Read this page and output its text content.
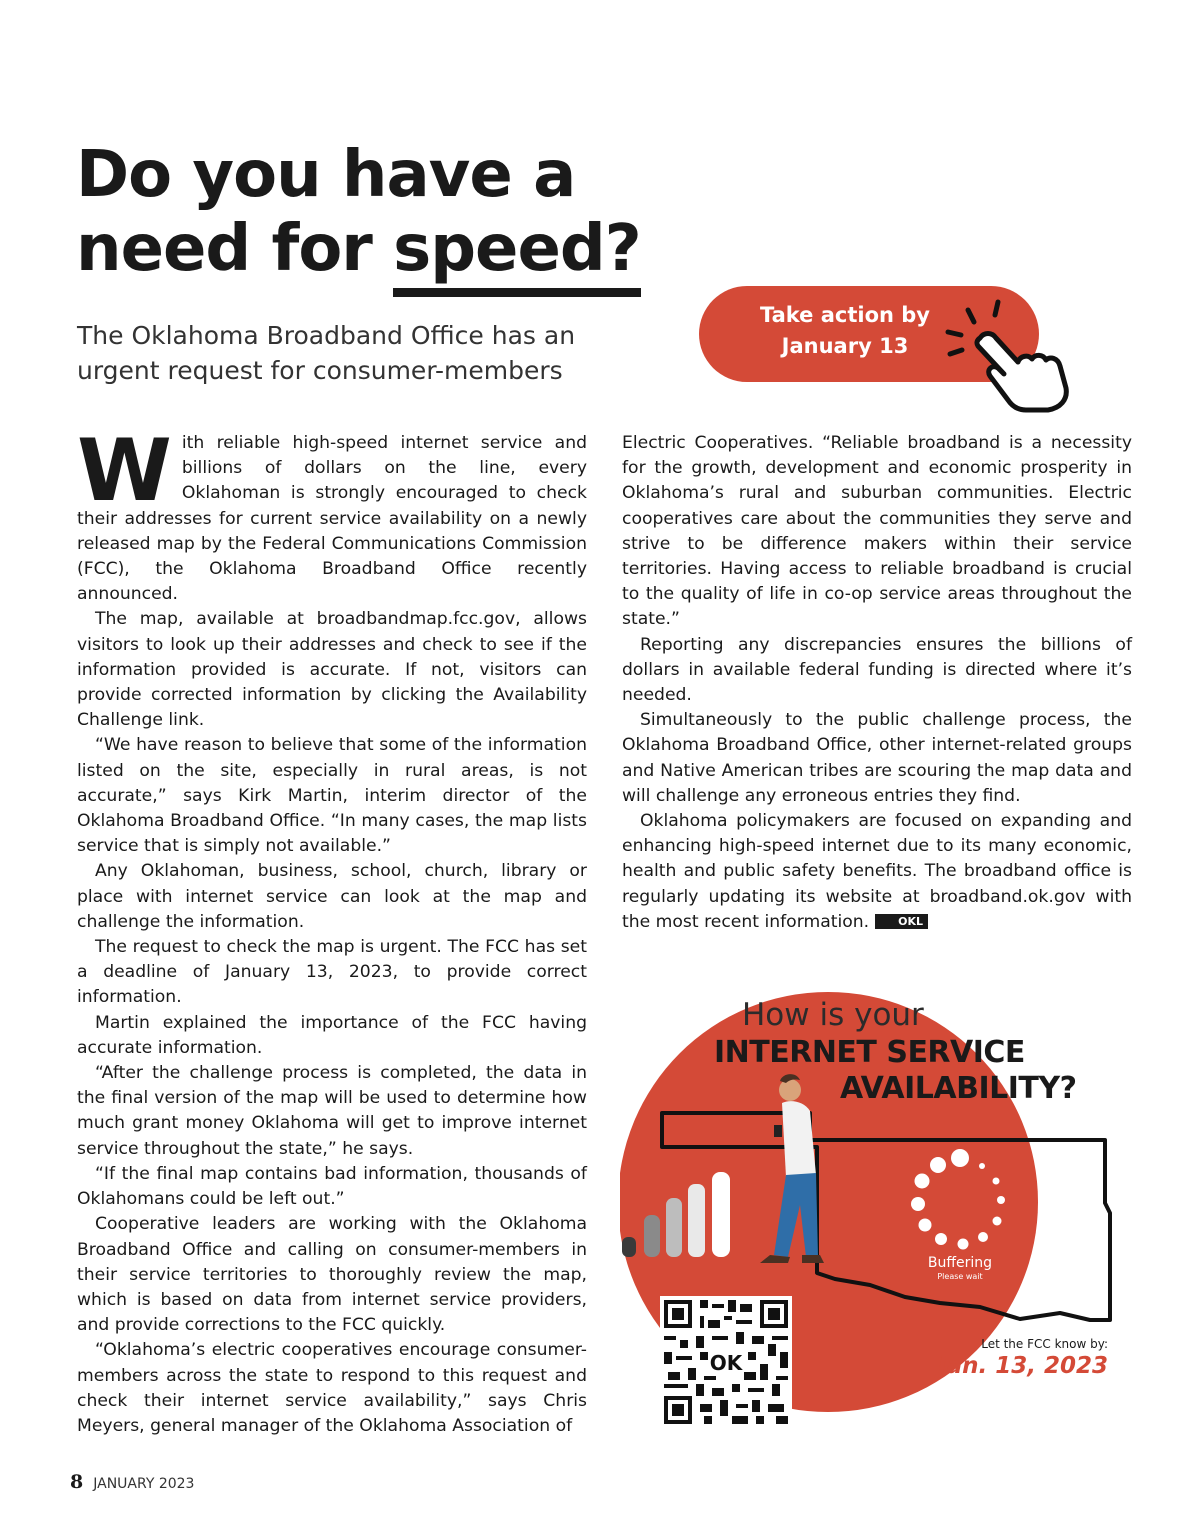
Do you have a
need for speed?
The Oklahoma Broadband Office has an
urgent request for consumer-members
Take action by
January 13

With reliable high-speed internet service and billions of dollars on the line, every Oklahoman is strongly encouraged to check their addresses for current service availability on a newly released map by the Federal Communications Commission (FCC), the Oklahoma Broadband Office recently announced.

The map, available at broadbandmap.fcc.gov, allows visitors to look up their addresses and check to see if the information provided is accurate. If not, visitors can provide corrected information by clicking the Availability Challenge link.

“We have reason to believe that some of the information listed on the site, especially in rural areas, is not accurate,” says Kirk Martin, interim director of the Oklahoma Broadband Office. “In many cases, the map lists service that is simply not available.”

Any Oklahoman, business, school, church, library or place with internet service can look at the map and challenge the information.

The request to check the map is urgent. The FCC has set a deadline of January 13, 2023, to provide correct information.

Martin explained the importance of the FCC having accurate information.

“After the challenge process is completed, the data in the final version of the map will be used to determine how much grant money Oklahoma will get to improve internet service throughout the state,” he says.

“If the final map contains bad information, thousands of Oklahomans could be left out.”

Cooperative leaders are working with the Oklahoma Broadband Office and calling on consumer-members in their service territories to thoroughly review the map, which is based on data from internet service providers, and provide corrections to the FCC quickly.

“Oklahoma’s electric cooperatives encourage consumer-members across the state to respond to this request and check their internet service availability,” says Chris Meyers, general manager of the Oklahoma Association of

Electric Cooperatives. “Reliable broadband is a necessity for the growth, development and economic prosperity in Oklahoma’s rural and suburban communities. Electric cooperatives care about the communities they serve and strive to be difference makers within their service territories. Having access to reliable broadband is crucial to the quality of life in co-op service areas throughout the state.”

Reporting any discrepancies ensures the billions of dollars in available federal funding is directed where it’s needed.

Simultaneously to the public challenge process, the Oklahoma Broadband Office, other internet-related groups and Native American tribes are scouring the map data and will challenge any erroneous entries they find.

Oklahoma policymakers are focused on expanding and enhancing high-speed internet due to its many economic, health and public safety benefits. The broadband office is regularly updating its website at broadband.ok.gov with the most recent information.	OKL

How is your
INTERNET SERVICE
AVAILABILITY?
Buffering
Please wait
Let the FCC know by:
Jan. 13, 2023
OK
8 JANUARY 2023
